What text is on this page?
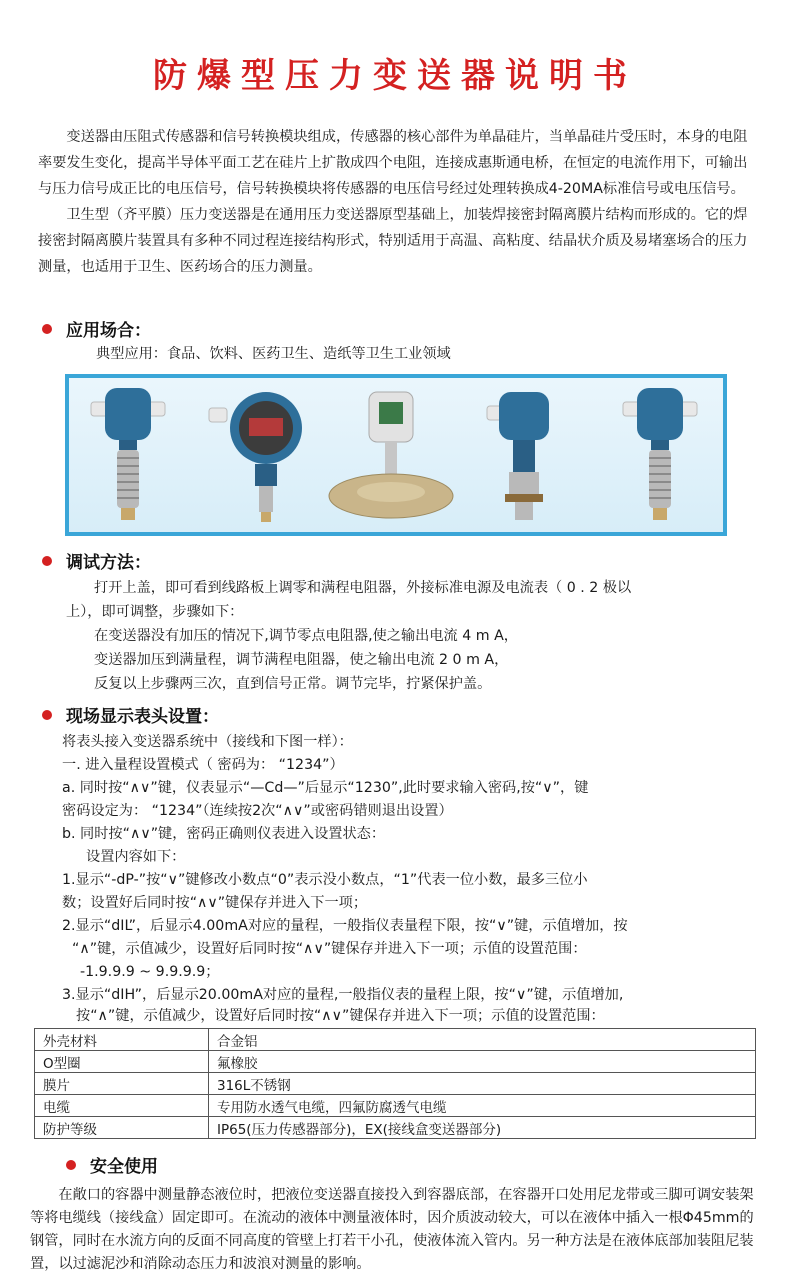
防爆型压力变送器说明书

变送器由压阻式传感器和信号转换模块组成，传感器的核心部件为单晶硅片，当单晶硅片受压时，本身的电阻率要发生变化，提高半导体平面工艺在硅片上扩散成四个电阻，连接成惠斯通电桥，在恒定的电流作用下，可输出与压力信号成正比的电压信号，信号转换模块将传感器的电压信号经过处理转换成4-20MA标准信号或电压信号。

卫生型（齐平膜）压力变送器是在通用压力变送器原型基础上，加装焊接密封隔离膜片结构而形成的。它的焊接密封隔离膜片装置具有多种不同过程连接结构形式，特别适用于高温、高粘度、结晶状介质及易堵塞场合的压力测量，也适用于卫生、医药场合的压力测量。

应用场合：
典型应用：食品、饮料、医药卫生、造纸等卫生工业领域
调试方法：
打开上盖，即可看到线路板上调零和满程电阻器，外接标准电源及电流表（ 0 . 2 极以
上），即可调整，步骤如下：
在变送器没有加压的情况下,调节零点电阻器,使之输出电流 4 m A，
变送器加压到满量程，调节满程电阻器，使之输出电流 2 0 m A，
反复以上步骤两三次，直到信号正常。调节完毕，拧紧保护盖。
现场显示表头设置：
将表头接入变送器系统中（接线和下图一样）：
一. 进入量程设置模式（ 密码为： “1234”）
a. 同时按“∧∨”键，仪表显示“—Cd—”后显示“1230”,此时要求输入密码,按“∨”，键
密码设定为： “1234”（连续按2次“∧∨”或密码错则退出设置）
b. 同时按“∧∨”键，密码正确则仪表进入设置状态：
设置内容如下：
1.显示“-dP-”按“∨”键修改小数点“0”表示没小数点，“1”代表一位小数，最多三位小
数；设置好后同时按“∧∨”键保存并进入下一项；
2.显示“dIL”，后显示4.00mA对应的量程，一般指仪表量程下限，按“∨”键，示值增加，按
“∧”键，示值减少，设置好后同时按“∧∨”键保存并进入下一项；示值的设置范围：
-1.9.9.9 ~ 9.9.9.9；
3.显示“dIH”，后显示20.00mA对应的量程,一般指仪表的量程上限，按“∨”键，示值增加,
按“∧”键，示值减少，设置好后同时按“∧∨”键保存并进入下一项；示值的设置范围：
外壳材料	合金铝
O型圈	氟橡胶
膜片	316L不锈钢
电缆	专用防水透气电缆，四氟防腐透气电缆
防护等级	IP65(压力传感器部分)，EX(接线盒变送器部分)
安全使用

在敞口的容器中测量静态液位时，把液位变送器直接投入到容器底部，在容器开口处用尼龙带或三脚可调安装架等将电缆线（接线盒）固定即可。在流动的液体中测量液体时，因介质波动较大，可以在液体中插入一根Φ45mm的钢管，同时在水流方向的反面不同高度的管壁上打若干小孔，使液体流入管内。另一种方法是在液体底部加装阻尼装置，以过滤泥沙和消除动态压力和波浪对测量的影响。
